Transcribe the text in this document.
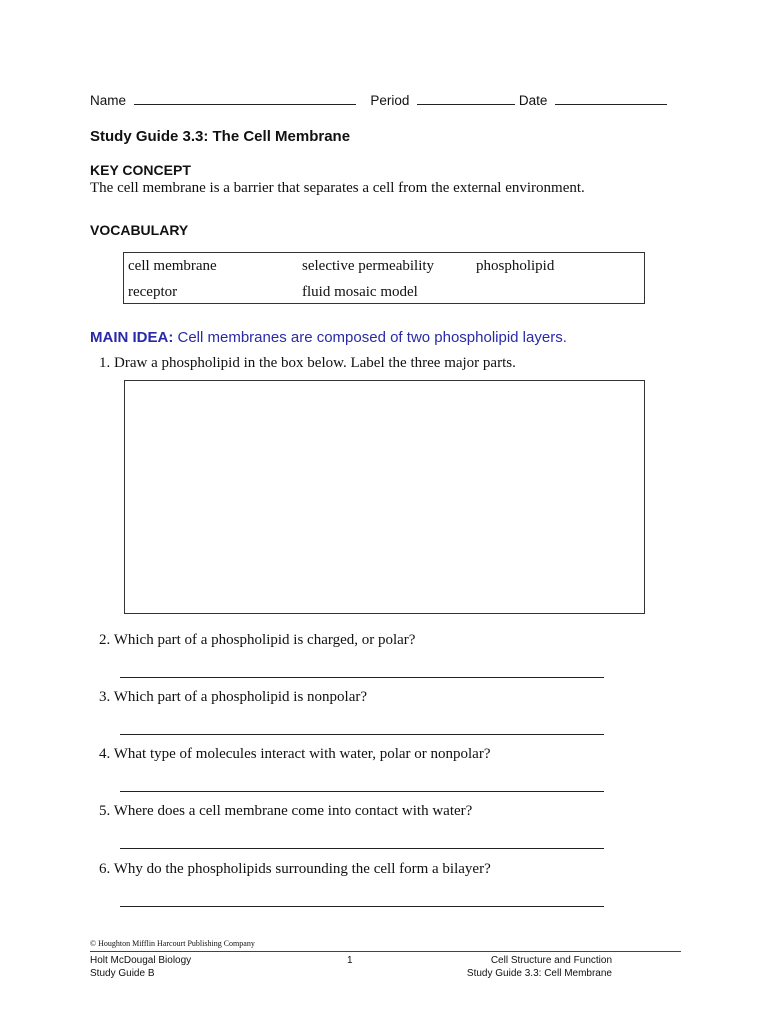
Name	Period	Date
Study Guide 3.3: The Cell Membrane
KEY CONCEPT
The cell membrane is a barrier that separates a cell from the external environment.
VOCABULARY
cell membrane	selective permeability	phospholipid
receptor	fluid mosaic model
MAIN IDEA: Cell membranes are composed of two phospholipid layers.
1. Draw a phospholipid in the box below. Label the three major parts.
2. Which part of a phospholipid is charged, or polar?
3. Which part of a phospholipid is nonpolar?
4. What type of molecules interact with water, polar or nonpolar?
5. Where does a cell membrane come into contact with water?
6. Why do the phospholipids surrounding the cell form a bilayer?
© Houghton Mifflin Harcourt Publishing Company
Holt McDougal Biology
Study Guide B
1	Cell Structure and Function
Study Guide 3.3: Cell Membrane
